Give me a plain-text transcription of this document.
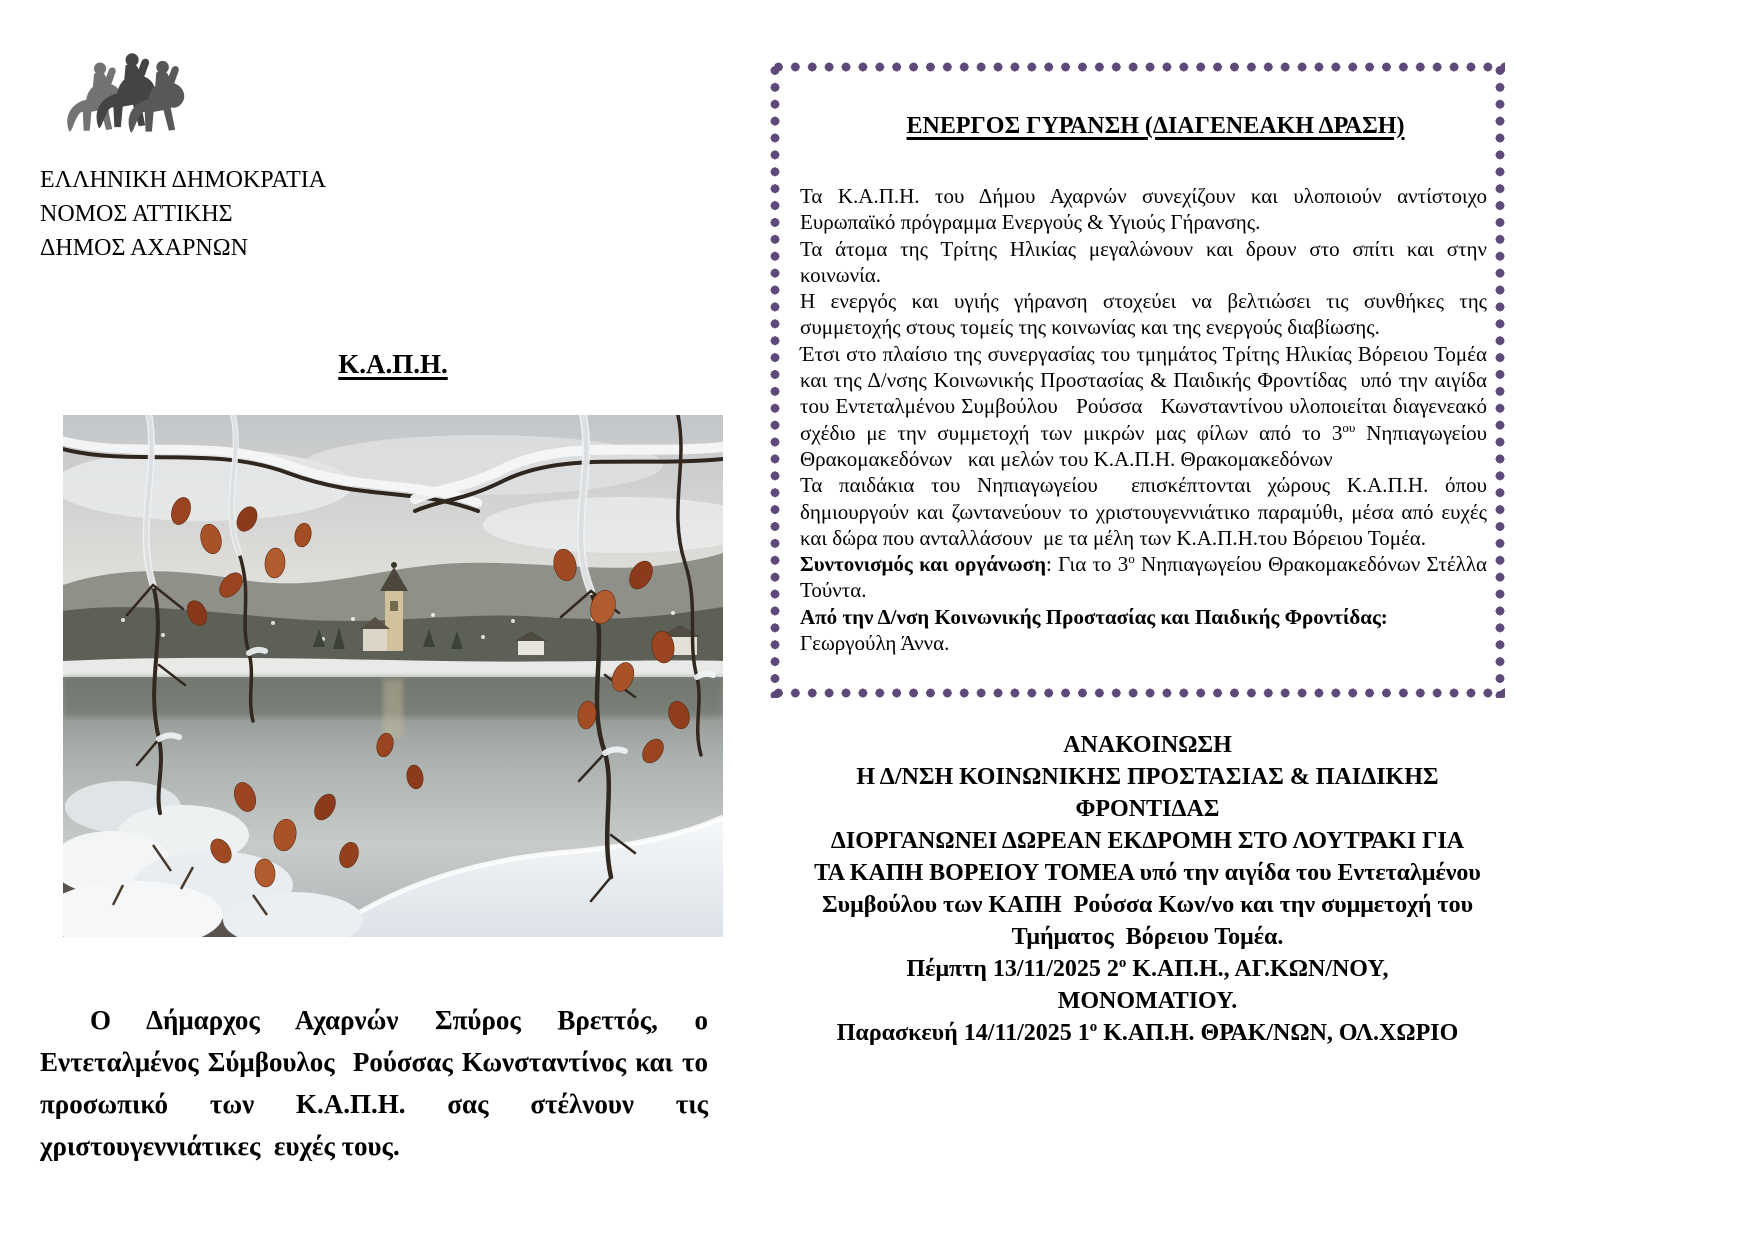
ΕΛΛΗΝΙΚΗ ΔΗΜΟΚΡΑΤΙΑ
ΝΟΜΟΣ ΑΤΤΙΚΗΣ
ΔΗΜΟΣ ΑΧΑΡΝΩΝ

Κ.Α.Π.Η.

Ο Δήμαρχος Αχαρνών Σπύρος Βρεττός, ο Εντεταλμένος Σύμβουλος  Ρούσσας Κωνσταντίνος και το προσωπικό των Κ.Α.Π.Η. σας στέλνουν τις χριστουγεννιάτικες  ευχές τους.

ΕΝΕΡΓΟΣ ΓΥΡΑΝΣΗ (ΔΙΑΓΕΝΕΑΚΗ ΔΡΑΣΗ)

Τα Κ.Α.Π.Η. του Δήμου Αχαρνών συνεχίζουν και υλοποιούν αντίστοιχο Ευρωπαϊκό πρόγραμμα Ενεργούς & Υγιούς Γήρανσης.

Τα άτομα της Τρίτης Ηλικίας μεγαλώνουν και δρουν στο σπίτι και στην κοινωνία.

Η ενεργός και υγιής γήρανση στοχεύει να βελτιώσει τις συνθήκες της συμμετοχής στους τομείς της κοινωνίας και της ενεργούς διαβίωσης.

Έτσι στο πλαίσιο της συνεργασίας του τμημάτος Τρίτης Ηλικίας Βόρειου Τομέα και της Δ/νσης Κοινωνικής Προστασίας & Παιδικής Φροντίδας  υπό την αιγίδα του Εντεταλμένου Συμβούλου   Ρούσσα   Κωνσταντίνου υλοποιείται διαγενεακό σχέδιο με την συμμετοχή των μικρών μας φίλων από το $3^{o\upsilon}$ Νηπιαγωγείου Θρακομακεδόνων   και μελών του Κ.Α.Π.Η. Θρακομακεδόνων

Τα παιδάκια του Νηπιαγωγείου  επισκέπτονται χώρους Κ.Α.Π.Η. όπου δημιουργούν και ζωντανεύουν το χριστουγεννιάτικο παραμύθι, μέσα από ευχές και δώρα που ανταλλάσουν  με τα μέλη των Κ.Α.Π.Η.του Βόρειου Τομέα.

Συντονισμός και οργάνωση: Για το $3^o$ Νηπιαγωγείου Θρακομακεδόνων Στέλλα Τούντα.

Από την Δ/νση Κοινωνικής Προστασίας και Παιδικής Φροντίδας:

Γεωργούλη Άννα.

ΑΝΑΚΟΙΝΩΣΗ
Η Δ/ΝΣΗ ΚΟΙΝΩΝΙΚΗΣ ΠΡΟΣΤΑΣΙΑΣ & ΠΑΙΔΙΚΗΣ
ΦΡΟΝΤΙΔΑΣ
ΔΙΟΡΓΑΝΩΝΕΙ ΔΩΡΕΑΝ ΕΚΔΡΟΜΗ ΣΤΟ ΛΟΥΤΡΑΚΙ ΓΙΑ
ΤΑ ΚΑΠΗ ΒΟΡΕΙΟΥ ΤΟΜΕΑ υπό την αιγίδα του Εντεταλμένου
Συμβούλου των ΚΑΠΗ  Ρούσσα Κων/νο και την συμμετοχή του
Τμήματος  Βόρειου Τομέα.
Πέμπτη 13/11/2025 $2^o$ Κ.ΑΠ.Η., ΑΓ.ΚΩΝ/ΝΟΥ,
ΜΟΝΟΜΑΤΙΟΥ.
Παρασκευή 14/11/2025 $1^o$ Κ.ΑΠ.Η. ΘΡΑΚ/ΝΩΝ, ΟΛ.ΧΩΡΙΟ
